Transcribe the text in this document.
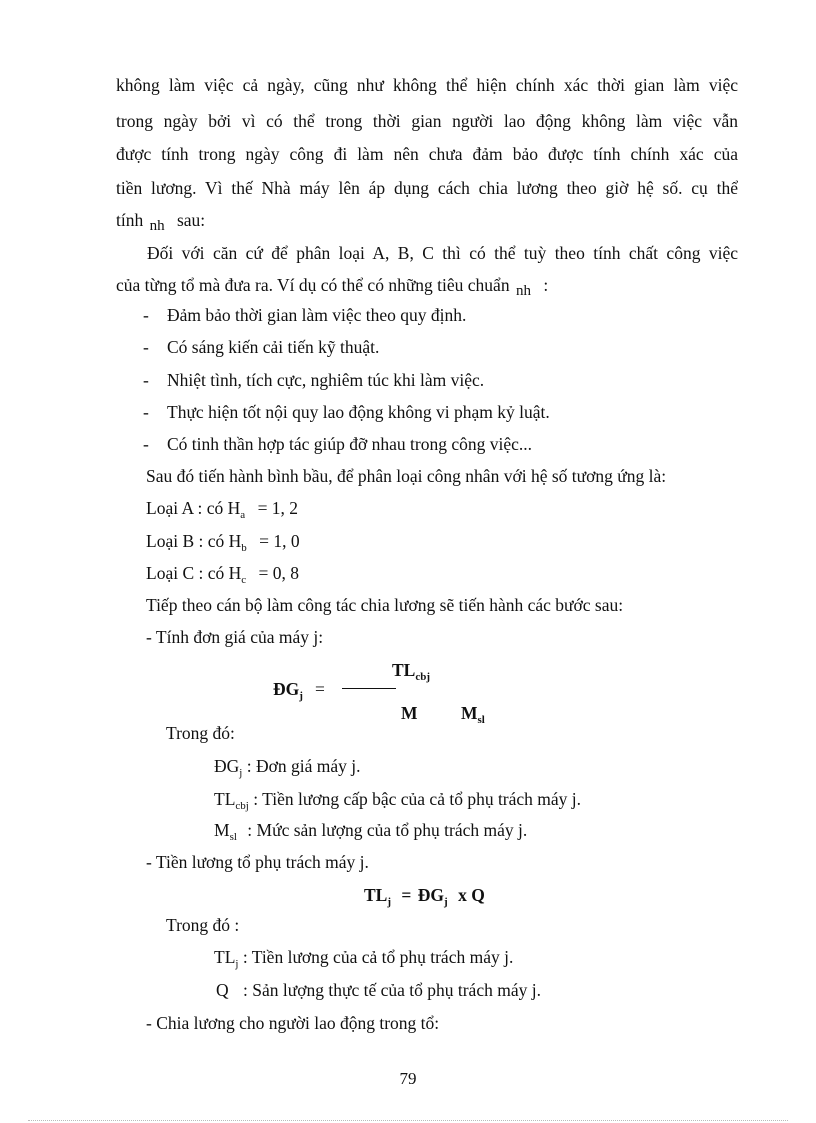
không làm việc cả ngày, cũng như không thể hiện chính xác thời gian làm việc
trong ngày bởi vì có thể trong thời gian người lao động không làm việc vẫn
được tính trong ngày công đi làm nên chưa đảm bảo được tính chính xác của
tiền lương. Vì thế Nhà máy lên áp dụng cách chia lương theo giờ hệ số. cụ thể
tính nh sau:
Đối với căn cứ để phân loại A, B, C thì có thể tuỳ theo tính chất công việc
của từng tổ mà đưa ra. Ví dụ có thể có những tiêu chuẩn nh :
- Đảm bảo thời gian làm việc theo quy định.
- Có sáng kiến cải tiến kỹ thuật.
- Nhiệt tình, tích cực, nghiêm túc khi làm việc.
- Thực hiện tốt nội quy lao động không vi phạm kỷ luật.
- Có tinh thần hợp tác giúp đỡ nhau trong công việc...
Sau đó tiến hành bình bầu, để phân loại công nhân với hệ số tương ứng là:
Loại A : có $H_a = 1$, 2
Loại B : có $H_b = 1$, 0
Loại C : có $H_c = 0$, 8
Tiếp theo cán bộ làm công tác chia lương sẽ tiến hành các bước sau:
- Tính đơn giá của máy j:
$ĐG_j$ =
$TL_{cbj}$
M $M_{sl}$
Trong đó:
$ĐG_j$ : Đơn giá máy j.
$TL_{cbj}$ : Tiền lương cấp bậc của cả tổ phụ trách máy j.
$M_{sl}$ : Mức sản lượng của tổ phụ trách máy j.
- Tiền lương tổ phụ trách máy j.
$TL_j$ = $ĐG_j$ x Q
Trong đó :
$TL_j$ : Tiền lương của cả tổ phụ trách máy j.
Q : Sản lượng thực tế của tổ phụ trách máy j.
- Chia lương cho người lao động trong tổ:
79
